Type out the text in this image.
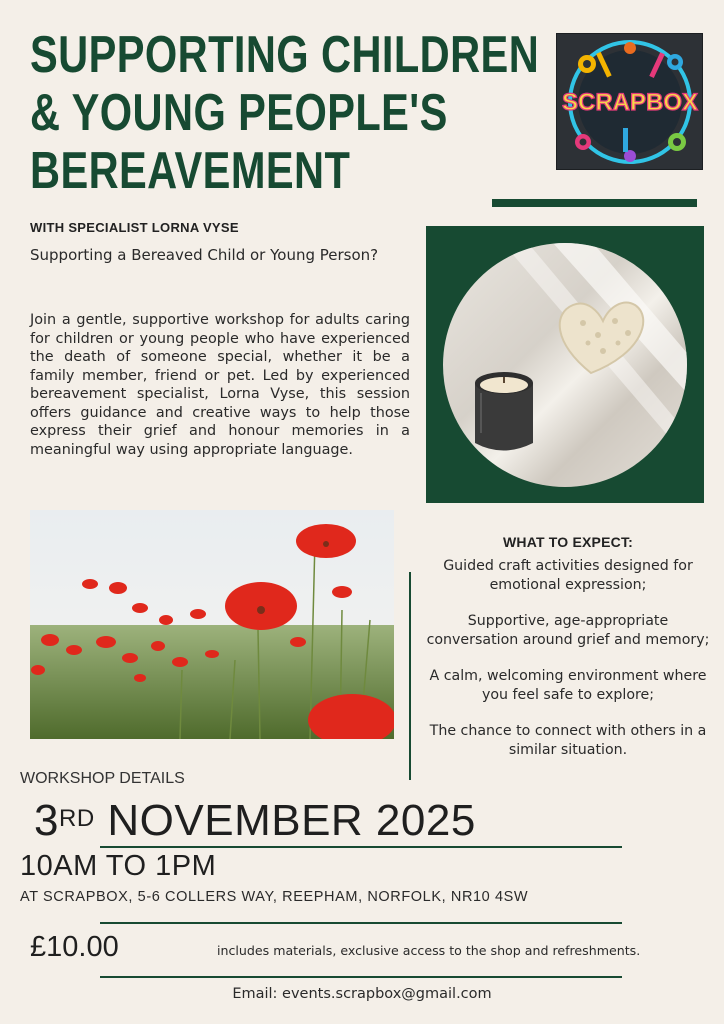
SUPPORTING CHILDREN
& YOUNG PEOPLE'S
BEREAVEMENT
SCRAPBOX
WITH SPECIALIST LORNA VYSE
Supporting a Bereaved Child or Young Person?
Join a gentle, supportive workshop for adults caring for children or young people who have experienced the death of someone special, whether it be a family member, friend or pet. Led by experienced bereavement specialist, Lorna Vyse, this session offers guidance and creative ways to help those express their grief and honour memories in a meaningful way using appropriate language.
WHAT TO EXPECT:

Guided craft activities designed for emotional expression;

Supportive, age-appropriate conversation around grief and memory;

A calm, welcoming environment where you feel safe to explore;

The chance to connect with others in a similar situation.

WORKSHOP DETAILS
3RD NOVEMBER 2025
10AM TO 1PM
AT SCRAPBOX, 5-6 COLLERS WAY, REEPHAM, NORFOLK, NR10 4SW
£10.00	includes materials, exclusive access to the shop and refreshments.
Email: events.scrapbox@gmail.com
